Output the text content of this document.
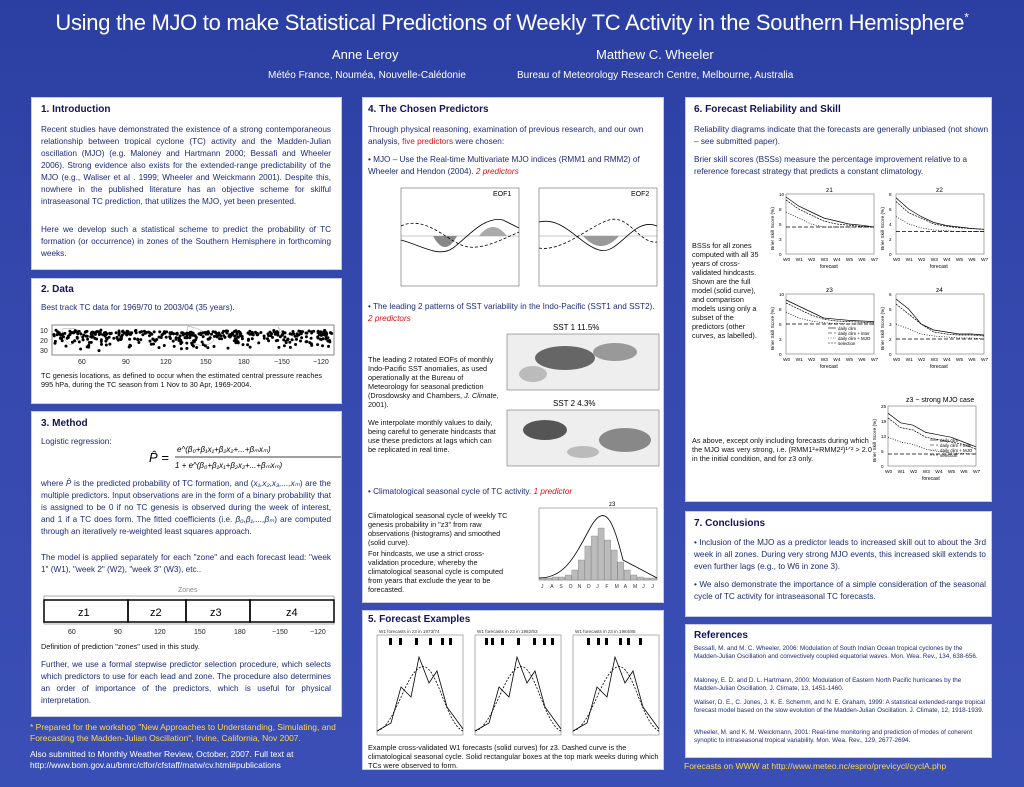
Using the MJO to make Statistical Predictions of Weekly TC Activity in the Southern Hemisphere*
Anne Leroy	Matthew C. Wheeler
Météo France, Nouméa, Nouvelle-Calédonie	Bureau of Meteorology Research Centre, Melbourne, Australia
1. Introduction
Recent studies have demonstrated the existence of a strong contemporaneous relationship between tropical cyclone (TC) activity and the Madden-Julian oscillation (MJO) (e.g. Maloney and Hartmann 2000; Bessafi and Wheeler 2006). Strong evidence also exists for the extended-range predictability of the MJO (e.g., Waliser et al . 1999; Wheeler and Weickmann 2001). Despite this, nowhere in the published literature has an objective scheme for skilful intraseasonal TC prediction, that utilizes the MJO, yet been presented.
Here we develop such a statistical scheme to predict the probability of TC formation (or occurrence) in zones of the Southern Hemisphere in forthcoming weeks.
2. Data
Best track TC data for 1969/70 to 2003/04 (35 years).
10
20
30
60	90	120	150	180	−150	−120
TC genesis locations, as defined to occur when the estimated central pressure reaches 995 hPa, during the TC season from 1 Nov to 30 Apr, 1969-2004.
3. Method
Logistic regression:
P̂ =
e^(β₀+β₁x₁+β₂x₂+...+βₘxₘ)
1 + e^(β₀+β₁x₁+β₂x₂+...+βₘxₘ)
where P̂ is the predicted probability of TC formation, and (x₁,x₂,x₃,...,xₘ) are the multiple predictors. Input observations are in the form of a binary probability that is assigned to be 0 if no TC genesis is observed during the week of interest, and 1 if a TC does form. The fitted coefficients (i.e. β₀,β₁,...,βₘ) are computed through an iteratively re-weighted least squares approach.
The model is applied separately for each "zone" and each forecast lead: "week 1" (W1), "week 2" (W2), "week 3" (W3), etc..
Zones
z1	z2	z3	z4
60	90	120	150	180	−150	−120
Definition of prediction "zones" used in this study.
Further, we use a formal stepwise predictor selection procedure, which selects which predictors to use for each lead and zone. The procedure also determines an order of importance of the predictors, which is useful for physical interpretation.
4. The Chosen Predictors
Through physical reasoning, examination of previous research, and our own analysis, five predictors were chosen:
• MJO – Use the Real-time Multivariate MJO indices (RMM1 and RMM2) of Wheeler and Hendon (2004). 2 predictors
EOF1	EOF2
• The leading 2 patterns of SST variability in the Indo-Pacific (SST1 and SST2). 2 predictors
SST 1 11.5%
SST 2 4.3%
The leading 2 rotated EOFs of monthly Indo-Pacific SST anomalies, as used operationally at the Bureau of Meteorology for seasonal prediction (Drosdowsky and Chambers, J. Climate, 2001).
We interpolate monthly values to daily, being careful to generate hindcasts that use these predictors at lags which can be replicated in real time.
• Climatological seasonal cycle of TC activity. 1 predictor
Climatological seasonal cycle of weekly TC genesis probability in "z3" from raw observations (histograms) and smoothed (solid curve).
For hindcasts, we use a strict cross-validation procedure, whereby the climatological seasonal cycle is computed from years that exclude the year to be forecasted.
z3
J A S O N D J F M A M J J
5. Forecast Examples
W1 forecasts in z3 in 1973/74	W1 forecasts in z3 in 1982/83	W1 forecasts in z3 in 1984/85
Example cross-validated W1 forecasts (solid curves) for z3. Dashed curve is the climatological seasonal cycle. Solid rectangular boxes at the top mark weeks during which TCs were observed to form.
6. Forecast Reliability and Skill
Reliability diagrams indicate that the forecasts are generally unbiased (not shown – see submitted paper).
Brier skill scores (BSSs) measure the percentage improvement relative to a reference forecast strategy that predicts a constant climatology.
BSSs for all zones computed with all 35 years of cross-validated hindcasts. Shown are the full model (solid curve), and comparison models using only a subset of the predictors (other curves, as labelled).
z1
W0 W1 W2 W3 W4 W5 W6 W7
forecast
Brier Skill Score (%)
0
3
5
8
10
z2
W0 W1 W2 W3 W4 W5 W6 W7
forecast
Brier Skill Score (%)
0
2
4
6
8
z3
W0 W1 W2 W3 W4 W5 W6 W7
forecast
Brier Skill Score (%)
0
3
5
8
10
daily clim
daily clim + inter
daily clim + MJO
selection
z4
W0 W1 W2 W3 W4 W5 W6 W7
forecast
Brier Skill Score (%)
0
2
3
5
6
As above, except only including forecasts during which the MJO was very strong, i.e. (RMM1²+RMM2²)¹ᐟ² > 2.0 in the initial condition, and for z3 only.
z3 − strong MJO case
W0 W1 W2 W3 W4 W5 W6 W7
forecast
Brier Skill Score (%)
0
6
13
19
25
daily clim
daily clim + inter
daily clim + MJO
selection
7. Conclusions
• Inclusion of the MJO as a predictor leads to increased skill out to about the 3rd week in all zones. During very strong MJO events, this increased skill extends to even further lags (e.g., to W6 in zone 3).
• We also demonstrate the importance of a simple consideration of the seasonal cycle of TC activity for intraseasonal TC forecasts.
References
Bessafi, M. and M. C. Wheeler, 2006: Modulation of South Indian Ocean tropical cyclones by the Madden-Julian Oscillation and convectively coupled equatorial waves. Mon. Wea. Rev., 134, 638-656.
Maloney, E. D. and D. L. Hartmann, 2000: Modulation of Eastern North Pacific hurricanes by the Madden-Julian Oscillation. J. Climate, 13, 1451-1460.
Waliser, D. E., C. Jones, J. K. E. Schemm, and N. E. Graham, 1999: A statistical extended-range tropical forecast model based on the slow evolution of the Madden-Julian Oscillation. J. Climate, 12, 1918-1939.
Wheeler, M. and K. M. Weickmann, 2001: Real-time monitoring and prediction of modes of coherent synoptic to intraseasonal tropical variability. Mon. Wea. Rev., 129, 2677-2694.
* Prepared for the workshop "New Approaches to Understanding, Simulating, and Forecasting the Madden-Julian Oscillation", Irvine, California, Nov 2007.
Also submitted to Monthly Weather Review, October, 2007. Full text at http://www.bom.gov.au/bmrc/clfor/cfstaff/matw/cv.html#publications	Forecasts on WWW at http://www.meteo.nc/espro/previcycl/cyclA.php
